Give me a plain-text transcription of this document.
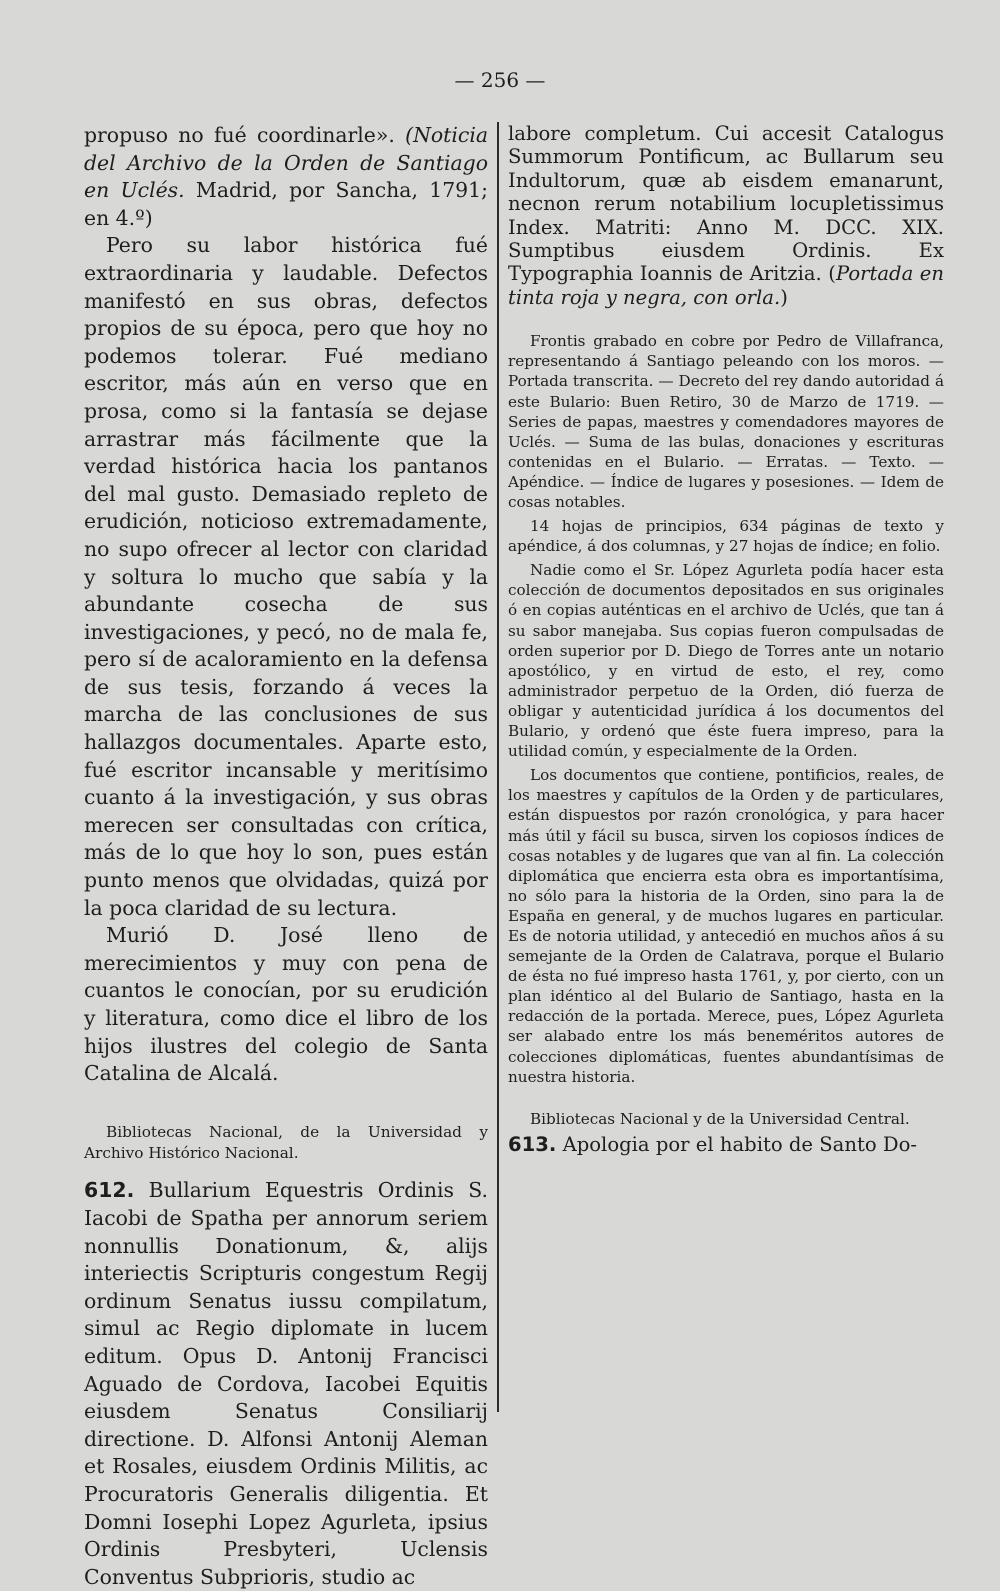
— 256 —

propuso no fué coordinarle». (Noticia del Archivo de la Orden de Santiago en Uclés. Madrid, por Sancha, 1791; en 4.º)

Pero su labor histórica fué extraordinaria y laudable. Defectos manifestó en sus obras, defectos propios de su época, pero que hoy no podemos tolerar. Fué mediano escritor, más aún en verso que en prosa, como si la fantasía se dejase arrastrar más fácilmente que la verdad histórica hacia los pantanos del mal gusto. Demasiado repleto de erudición, noticioso extremadamente, no supo ofrecer al lector con claridad y soltura lo mucho que sabía y la abundante cosecha de sus investigaciones, y pecó, no de mala fe, pero sí de acaloramiento en la defensa de sus tesis, forzando á veces la marcha de las conclusiones de sus hallazgos documentales. Aparte esto, fué escritor incansable y meritísimo cuanto á la investigación, y sus obras merecen ser consultadas con crítica, más de lo que hoy lo son, pues están punto menos que olvidadas, quizá por la poca claridad de su lectura.

Murió D. José lleno de merecimientos y muy con pena de cuantos le conocían, por su erudición y literatura, como dice el libro de los hijos ilustres del colegio de Santa Catalina de Alcalá.

Bibliotecas Nacional, de la Universidad y Archivo Histórico Nacional.

612. Bullarium Equestris Ordinis S. Iacobi de Spatha per annorum seriem nonnullis Donationum, &, alijs interiectis Scripturis congestum Regij ordinum Senatus iussu compilatum, simul ac Regio diplomate in lucem editum. Opus D. Antonij Francisci Aguado de Cordova, Iacobei Equitis eiusdem Senatus Consiliarij directione. D. Alfonsi Antonij Aleman et Rosales, eiusdem Ordinis Militis, ac Procuratoris Generalis diligentia. Et Domni Iosephi Lopez Agurleta, ipsius Ordinis Presbyteri, Uclensis Conventus Subprioris, studio ac

labore completum. Cui accesit Catalogus Summorum Pontificum, ac Bullarum seu Indultorum, quæ ab eisdem emanarunt, necnon rerum notabilium locupletissimus Index. Matriti: Anno M. DCC. XIX. Sumptibus eiusdem Ordinis. Ex Typographia Ioannis de Aritzia. (Portada en tinta roja y negra, con orla.)

Frontis grabado en cobre por Pedro de Villafranca, representando á Santiago peleando con los moros. — Portada transcrita. — Decreto del rey dando autoridad á este Bulario: Buen Retiro, 30 de Marzo de 1719. — Series de papas, maestres y comendadores mayores de Uclés. — Suma de las bulas, donaciones y escrituras contenidas en el Bulario. — Erratas. — Texto. — Apéndice. — Índice de lugares y posesiones. — Idem de cosas notables.

14 hojas de principios, 634 páginas de texto y apéndice, á dos columnas, y 27 hojas de índice; en folio.

Nadie como el Sr. López Agurleta podía hacer esta colección de documentos depositados en sus originales ó en copias auténticas en el archivo de Uclés, que tan á su sabor manejaba. Sus copias fueron compulsadas de orden superior por D. Diego de Torres ante un notario apostólico, y en virtud de esto, el rey, como administrador perpetuo de la Orden, dió fuerza de obligar y autenticidad jurídica á los documentos del Bulario, y ordenó que éste fuera impreso, para la utilidad común, y especialmente de la Orden.

Los documentos que contiene, pontificios, reales, de los maestres y capítulos de la Orden y de particulares, están dispuestos por razón cronológica, y para hacer más útil y fácil su busca, sirven los copiosos índices de cosas notables y de lugares que van al fin. La colección diplomática que encierra esta obra es importantísima, no sólo para la historia de la Orden, sino para la de España en general, y de muchos lugares en particular. Es de notoria utilidad, y antecedió en muchos años á su semejante de la Orden de Calatrava, porque el Bulario de ésta no fué impreso hasta 1761, y, por cierto, con un plan idéntico al del Bulario de Santiago, hasta en la redacción de la portada. Merece, pues, López Agurleta ser alabado entre los más beneméritos autores de colecciones diplomáticas, fuentes abundantísimas de nuestra historia.

Bibliotecas Nacional y de la Universidad Central.

613. Apologia por el habito de Santo Do-
